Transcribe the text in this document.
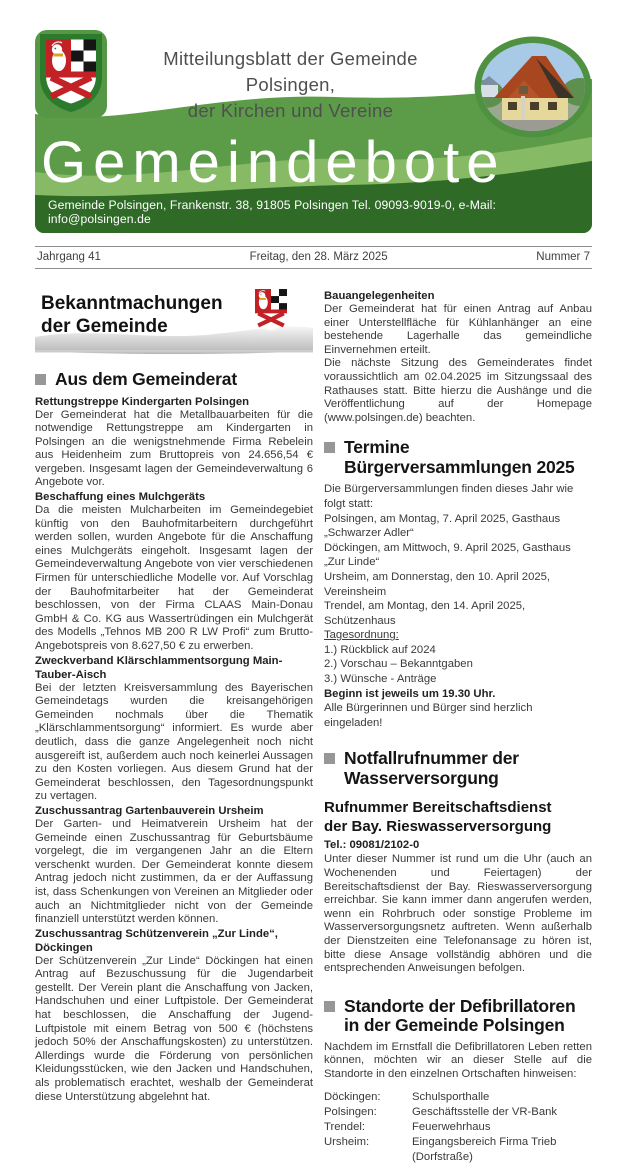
Mitteilungsblatt der Gemeinde Polsingen,
der Kirchen und Vereine
Gemeindebote
Gemeinde Polsingen, Frankenstr. 38, 91805 Polsingen Tel. 09093-9019-0, e-Mail: info@polsingen.de
Jahrgang 41	Freitag, den 28. März 2025	Nummer 7
Bekanntmachungen
der Gemeinde
Aus dem Gemeinderat
Rettungstreppe Kindergarten Polsingen

Der Gemeinderat hat die Metallbauarbeiten für die notwendige Rettungstreppe am Kindergarten in Polsingen an die wenigstnehmende Firma Rebelein aus Heidenheim zum Bruttopreis von 24.656,54 € vergeben. Insgesamt lagen der Gemeindeverwaltung 6 Angebote vor.

Beschaffung eines Mulchgeräts

Da die meisten Mulcharbeiten im Gemeindegebiet künftig von den Bauhofmitarbeitern durchgeführt werden sollen, wurden Angebote für die Anschaffung eines Mulchgeräts eingeholt. Insgesamt lagen der Gemeindeverwaltung Angebote von vier verschiedenen Firmen für unterschiedliche Modelle vor. Auf Vorschlag der Bauhofmitarbeiter hat der Gemeinderat beschlossen, von der Firma CLAAS Main-Donau GmbH & Co. KG aus Wassertrüdingen ein Mulchgerät des Modells „Tehnos MB 200 R LW Profi“ zum Brutto-Angebotspreis von 8.627,50 € zu erwerben.

Zweckverband Klärschlammentsorgung Main-Tauber-Aisch

Bei der letzten Kreisversammlung des Bayerischen Gemeindetags wurden die kreisangehörigen Gemeinden nochmals über die Thematik „Klärschlammentsorgung“ informiert. Es wurde aber deutlich, dass die ganze Angelegenheit noch nicht ausgereift ist, außerdem auch noch keinerlei Aussagen zu den Kosten vorliegen. Aus diesem Grund hat der Gemeinderat beschlossen, den Tagesordnungspunkt zu vertagen.

Zuschussantrag Gartenbauverein Ursheim

Der Garten- und Heimatverein Ursheim hat der Gemeinde einen Zuschussantrag für Geburtsbäume vorgelegt, die im vergangenen Jahr an die Eltern verschenkt wurden. Der Gemeinderat konnte diesem Antrag jedoch nicht zustimmen, da er der Auffassung ist, dass Schenkungen von Vereinen an Mitglieder oder auch an Nichtmitglieder nicht von der Gemeinde finanziell unterstützt werden können.

Zuschussantrag Schützenverein „Zur Linde“, Döckingen

Der Schützenverein „Zur Linde“ Döckingen hat einen Antrag auf Bezuschussung für die Jugendarbeit gestellt. Der Verein plant die Anschaffung von Jacken, Handschuhen und einer Luftpistole. Der Gemeinderat hat beschlossen, die Anschaffung der Jugend-Luftpistole mit einem Betrag von 500 € (höchstens jedoch 50% der Anschaffungskosten) zu unterstützen. Allerdings wurde die Förderung von persönlichen Kleidungsstücken, wie den Jacken und Handschuhen, als problematisch erachtet, weshalb der Gemeinderat diese Unterstützung abgelehnt hat.

Bauangelegenheiten

Der Gemeinderat hat für einen Antrag auf Anbau einer Unterstellfläche für Kühlanhänger an eine bestehende Lagerhalle das gemeindliche Einvernehmen erteilt.

Die nächste Sitzung des Gemeinderates findet voraussichtlich am 02.04.2025 im Sitzungssaal des Rathauses statt. Bitte hierzu die Aushänge und die Veröffentlichung auf der Homepage (www.polsingen.de) beachten.

Termine Bürgerversammlungen 2025
Die Bürgerversammlungen finden dieses Jahr wie folgt statt:
Polsingen, am Montag, 7. April 2025, Gasthaus „Schwarzer Adler“
Döckingen, am Mittwoch, 9. April 2025, Gasthaus „Zur Linde“
Ursheim, am Donnerstag, den 10. April 2025, Vereinsheim
Trendel, am Montag, den 14. April 2025, Schützenhaus
Tagesordnung:
1.) Rückblick auf 2024
2.) Vorschau – Bekanntgaben
3.) Wünsche - Anträge
Beginn ist jeweils um 19.30 Uhr.
Alle Bürgerinnen und Bürger sind herzlich eingeladen!
Notfallrufnummer der
Wasserversorgung
Rufnummer Bereitschaftsdienst
der Bay. Rieswasserversorgung
Tel.: 09081/2102-0

Unter dieser Nummer ist rund um die Uhr (auch an Wochenenden und Feiertagen) der Bereitschaftsdienst der Bay. Rieswasserversorgung erreichbar. Sie kann immer dann angerufen werden, wenn ein Rohrbruch oder sonstige Probleme im Wasserversorgungsnetz auftreten. Wenn außerhalb der Dienstzeiten eine Telefonansage zu hören ist, bitte diese Ansage vollständig abhören und die entsprechenden Anweisungen befolgen.

Standorte der Defibrillatoren
in der Gemeinde Polsingen

Nachdem im Ernstfall die Defibrillatoren Leben retten können, möchten wir an dieser Stelle auf die Standorte in den einzelnen Ortschaften hinweisen:

Döckingen:	Schulsporthalle
Polsingen:	Geschäftsstelle der VR-Bank
Trendel:	Feuerwehrhaus
Ursheim:	Eingangsbereich Firma Trieb (Dorfstraße)
